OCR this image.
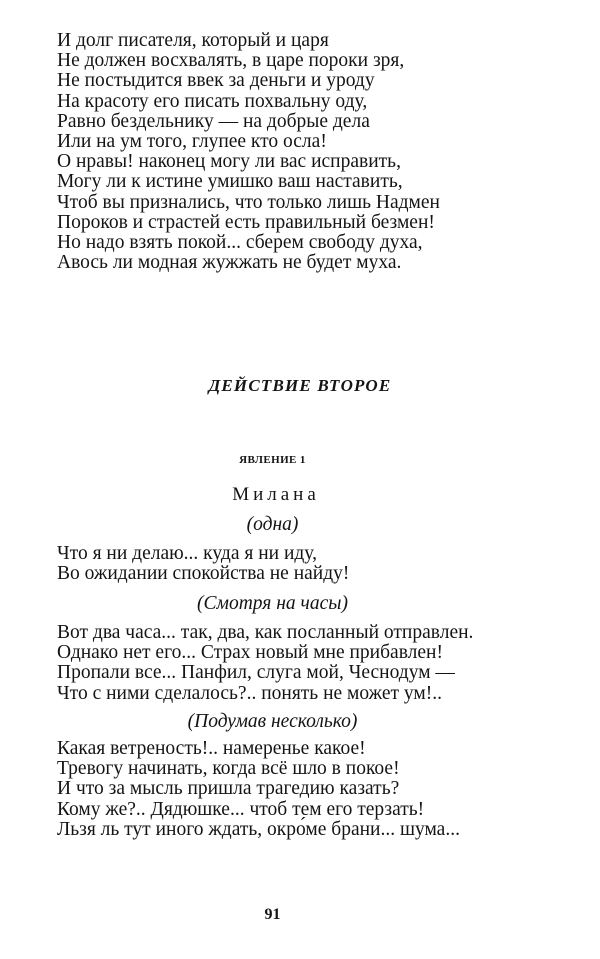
И долг писателя, который и царя
Не должен восхвалять, в царе пороки зря,
Не постыдится ввек за деньги и уроду
На красоту его писать похвальну оду,
Равно бездельнику — на добрые дела
Или на ум того, глупее кто осла!
О нравы! наконец могу ли вас исправить,
Могу ли к истине умишко ваш наставить,
Чтоб вы признались, что только лишь Надмен
Пороков и страстей есть правильный безмен!
Но надо взять покой... сберем свободу духа,
Авось ли модная жужжать не будет муха.
ДЕЙСТВИЕ ВТОРОЕ
ЯВЛЕНИЕ 1
Милана
(одна)
Что я ни делаю... куда я ни иду,
Во ожидании спокойства не найду!
(Смотря на часы)
Вот два часа... так, два, как посланный отправлен.
Однако нет его... Страх новый мне прибавлен!
Пропали все... Панфил, слуга мой, Чеснодум —
Что с ними сделалось?.. понять не может ум!..
(Подумав несколько)
Какая ветреность!.. намеренье какое!
Тревогу начинать, когда всё шло в покое!
И что за мысль пришла трагедию казать?
Кому же?.. Дядюшке... чтоб тем его терзать!
Льзя ль тут иного ждать, окро́ме брани... шума...
91
